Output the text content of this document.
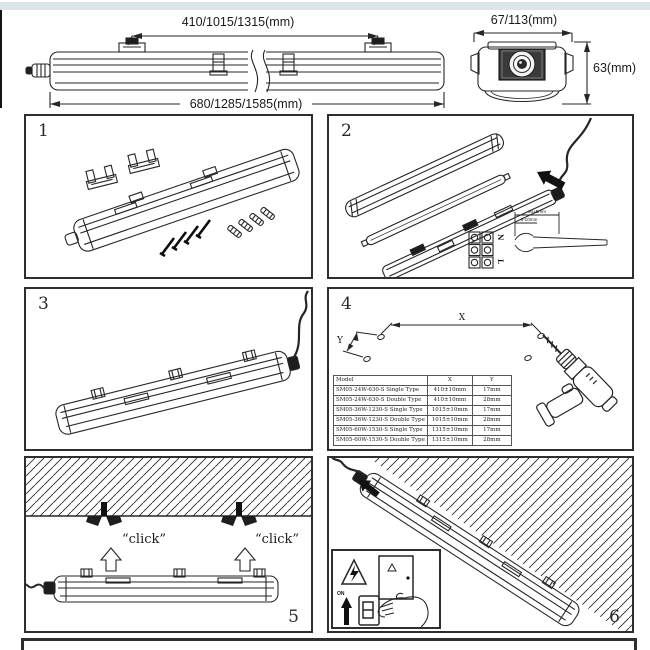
410/1015/1315(mm)
680/1285/1585(mm)
67/113(mm)
63(mm)
1	2
N
L
30±5mm
8-10mm
3	4
X
Y
Model	X	Y
SM05-24W-630-S Single Type	410±10mm	17mm
SM05-24W-630-S Double Type	410±10mm	28mm
SM05-36W-1230-S Single Type	1015±10mm	17mm
SM05-36W-1230-S Double Type	1015±10mm	28mm
SM05-60W-1530-S Single Type	1315±10mm	17mm
SM05-60W-1530-S Double Type	1315±10mm	28mm
“click”	“click”
5
ON
6
